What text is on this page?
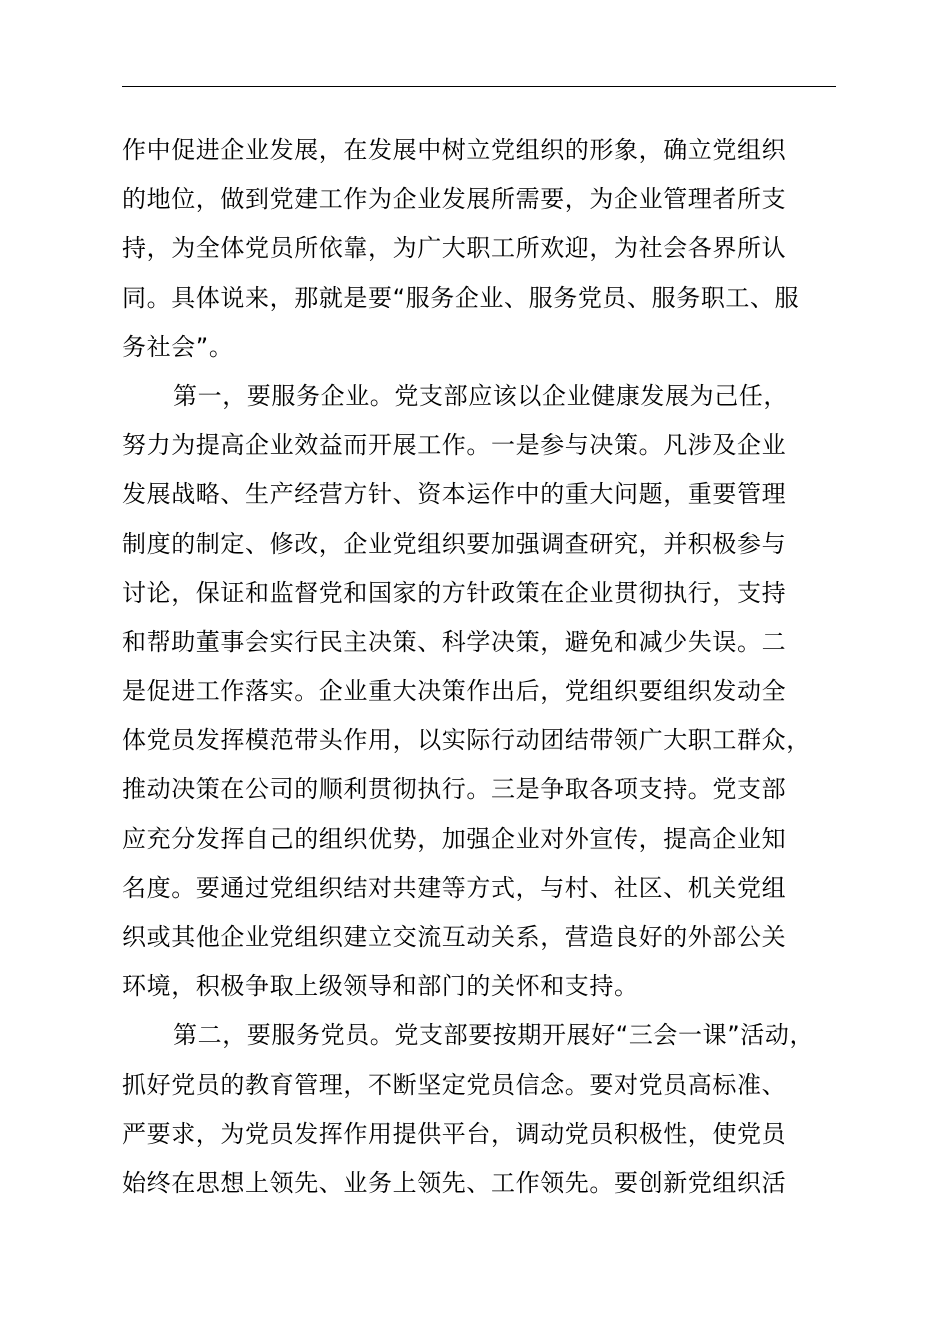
作中促进企业发展，在发展中树立党组织的形象，确立党组织
的地位，做到党建工作为企业发展所需要，为企业管理者所支
持，为全体党员所依靠，为广大职工所欢迎，为社会各界所认
同。具体说来，那就是要“服务企业、服务党员、服务职工、服
务社会”。
第一，要服务企业。党支部应该以企业健康发展为己任，
努力为提高企业效益而开展工作。一是参与决策。凡涉及企业
发展战略、生产经营方针、资本运作中的重大问题，重要管理
制度的制定、修改，企业党组织要加强调查研究，并积极参与
讨论，保证和监督党和国家的方针政策在企业贯彻执行，支持
和帮助董事会实行民主决策、科学决策，避免和减少失误。二
是促进工作落实。企业重大决策作出后，党组织要组织发动全
体党员发挥模范带头作用，以实际行动团结带领广大职工群众，
推动决策在公司的顺利贯彻执行。三是争取各项支持。党支部
应充分发挥自己的组织优势，加强企业对外宣传，提高企业知
名度。要通过党组织结对共建等方式，与村、社区、机关党组
织或其他企业党组织建立交流互动关系，营造良好的外部公关
环境，积极争取上级领导和部门的关怀和支持。
第二，要服务党员。党支部要按期开展好“三会一课”活动，
抓好党员的教育管理，不断坚定党员信念。要对党员高标准、
严要求，为党员发挥作用提供平台，调动党员积极性，使党员
始终在思想上领先、业务上领先、工作领先。要创新党组织活
